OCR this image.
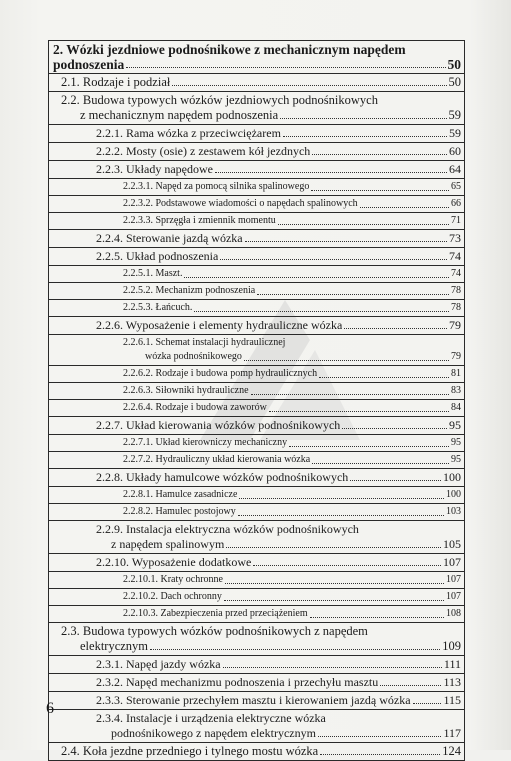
2. Wózki jezdniowe podnośnikowe z mechanicznym napędem
podnoszenia	50
2.1. Rodzaje i podział	50
2.2. Budowa typowych wózków jezdniowych podnośnikowych
z mechanicznym napędem podnoszenia	59
2.2.1. Rama wózka z przeciwciężarem	59
2.2.2. Mosty (osie) z zestawem kół jezdnych	60
2.2.3. Układy napędowe	64
2.2.3.1. Napęd za pomocą silnika spalinowego	65
2.2.3.2. Podstawowe wiadomości o napędach spalinowych	66
2.2.3.3. Sprzęgła i zmiennik momentu	71
2.2.4. Sterowanie jazdą wózka	73
2.2.5. Układ podnoszenia	74
2.2.5.1. Maszt.	74
2.2.5.2. Mechanizm podnoszenia	78
2.2.5.3. Łańcuch.	78
2.2.6. Wyposażenie i elementy hydrauliczne wózka	79
2.2.6.1. Schemat instalacji hydraulicznej
wózka podnośnikowego	79
2.2.6.2. Rodzaje i budowa pomp hydraulicznych	81
2.2.6.3. Siłowniki hydrauliczne	83
2.2.6.4. Rodzaje i budowa zaworów	84
2.2.7. Układ kierowania wózków podnośnikowych	95
2.2.7.1. Układ kierowniczy mechaniczny	95
2.2.7.2. Hydrauliczny układ kierowania wózka	95
2.2.8. Układy hamulcowe wózków podnośnikowych	100
2.2.8.1. Hamulce zasadnicze	100
2.2.8.2. Hamulec postojowy	103
2.2.9. Instalacja elektryczna wózków podnośnikowych
z napędem spalinowym	105
2.2.10. Wyposażenie dodatkowe	107
2.2.10.1. Kraty ochronne	107
2.2.10.2. Dach ochronny	107
2.2.10.3. Zabezpieczenia przed przeciążeniem	108
2.3. Budowa typowych wózków podnośnikowych z napędem
elektrycznym	109
2.3.1. Napęd jazdy wózka	111
2.3.2. Napęd mechanizmu podnoszenia i przechyłu masztu	113
2.3.3. Sterowanie przechyłem masztu i kierowaniem jazdą wózka	115
2.3.4. Instalacje i urządzenia elektryczne wózka
podnośnikowego z napędem elektrycznym	117
2.4. Koła jezdne przedniego i tylnego mostu wózka	124
6
